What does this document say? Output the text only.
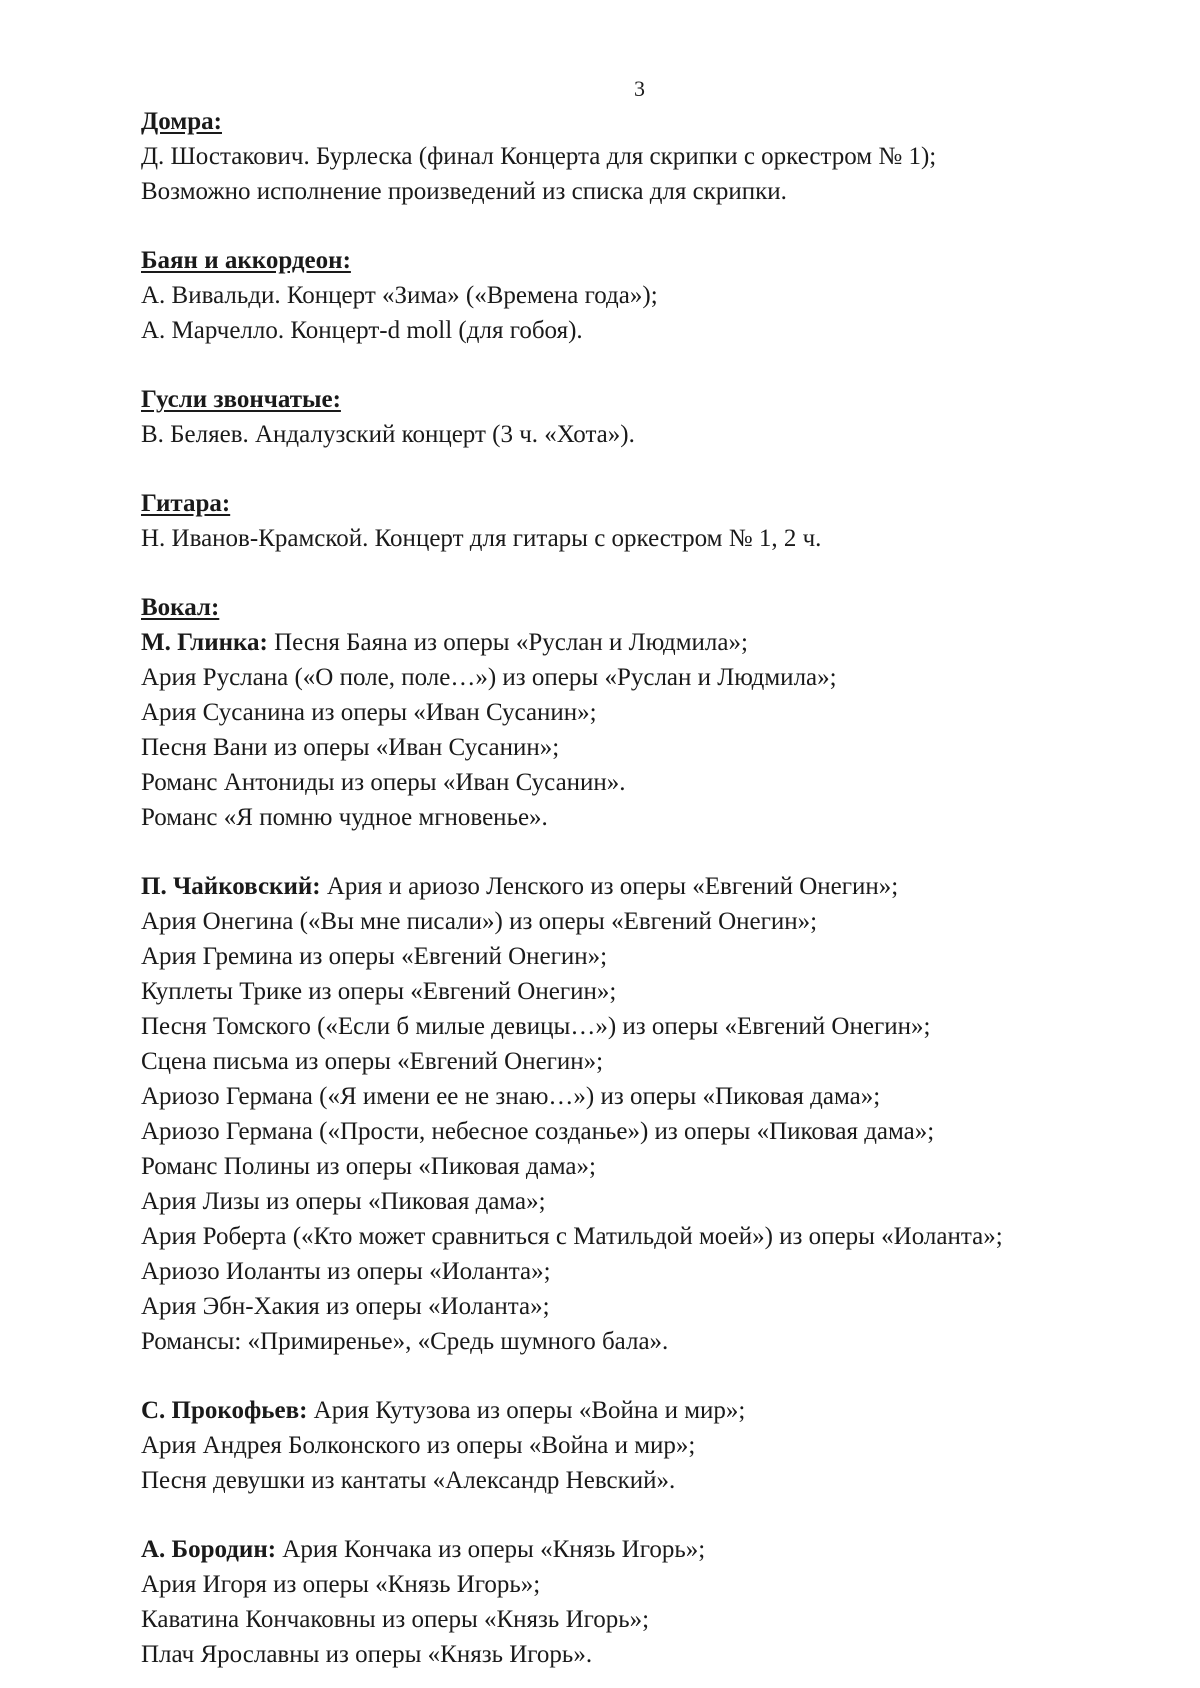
3
Домра:
Д. Шостакович. Бурлеска (финал Концерта для скрипки с оркестром № 1);
Возможно исполнение произведений из списка для скрипки.
Баян и аккордеон:
А. Вивальди. Концерт «Зима» («Времена года»);
А. Марчелло. Концерт-d moll (для гобоя).
Гусли звончатые:
В. Беляев. Андалузский концерт (3 ч. «Хота»).
Гитара:
Н. Иванов-Крамской. Концерт для гитары с оркестром № 1, 2 ч.
Вокал:
М. Глинка: Песня Баяна из оперы «Руслан и Людмила»;
Ария Руслана («О поле, поле…») из оперы «Руслан и Людмила»;
Ария Сусанина из оперы «Иван Сусанин»;
Песня Вани из оперы «Иван Сусанин»;
Романс Антониды из оперы «Иван Сусанин».
Романс «Я помню чудное мгновенье».
П. Чайковский: Ария и ариозо Ленского из оперы «Евгений Онегин»;
Ария Онегина («Вы мне писали») из оперы «Евгений Онегин»;
Ария Гремина из оперы «Евгений Онегин»;
Куплеты Трике из оперы «Евгений Онегин»;
Песня Томского («Если б милые девицы…») из оперы «Евгений Онегин»;
Сцена письма из оперы «Евгений Онегин»;
Ариозо Германа («Я имени ее не знаю…») из оперы «Пиковая дама»;
Ариозо Германа («Прости, небесное созданье») из оперы «Пиковая дама»;
Романс Полины из оперы «Пиковая дама»;
Ария Лизы из оперы «Пиковая дама»;
Ария Роберта («Кто может сравниться с Матильдой моей») из оперы «Иоланта»;
Ариозо Иоланты из оперы «Иоланта»;
Ария Эбн-Хакия из оперы «Иоланта»;
Романсы: «Примиренье», «Средь шумного бала».
С. Прокофьев: Ария Кутузова из оперы «Война и мир»;
Ария Андрея Болконского из оперы «Война и мир»;
Песня девушки из кантаты «Александр Невский».
А. Бородин: Ария Кончака из оперы «Князь Игорь»;
Ария Игоря из оперы «Князь Игорь»;
Каватина Кончаковны из оперы «Князь Игорь»;
Плач Ярославны из оперы «Князь Игорь».
